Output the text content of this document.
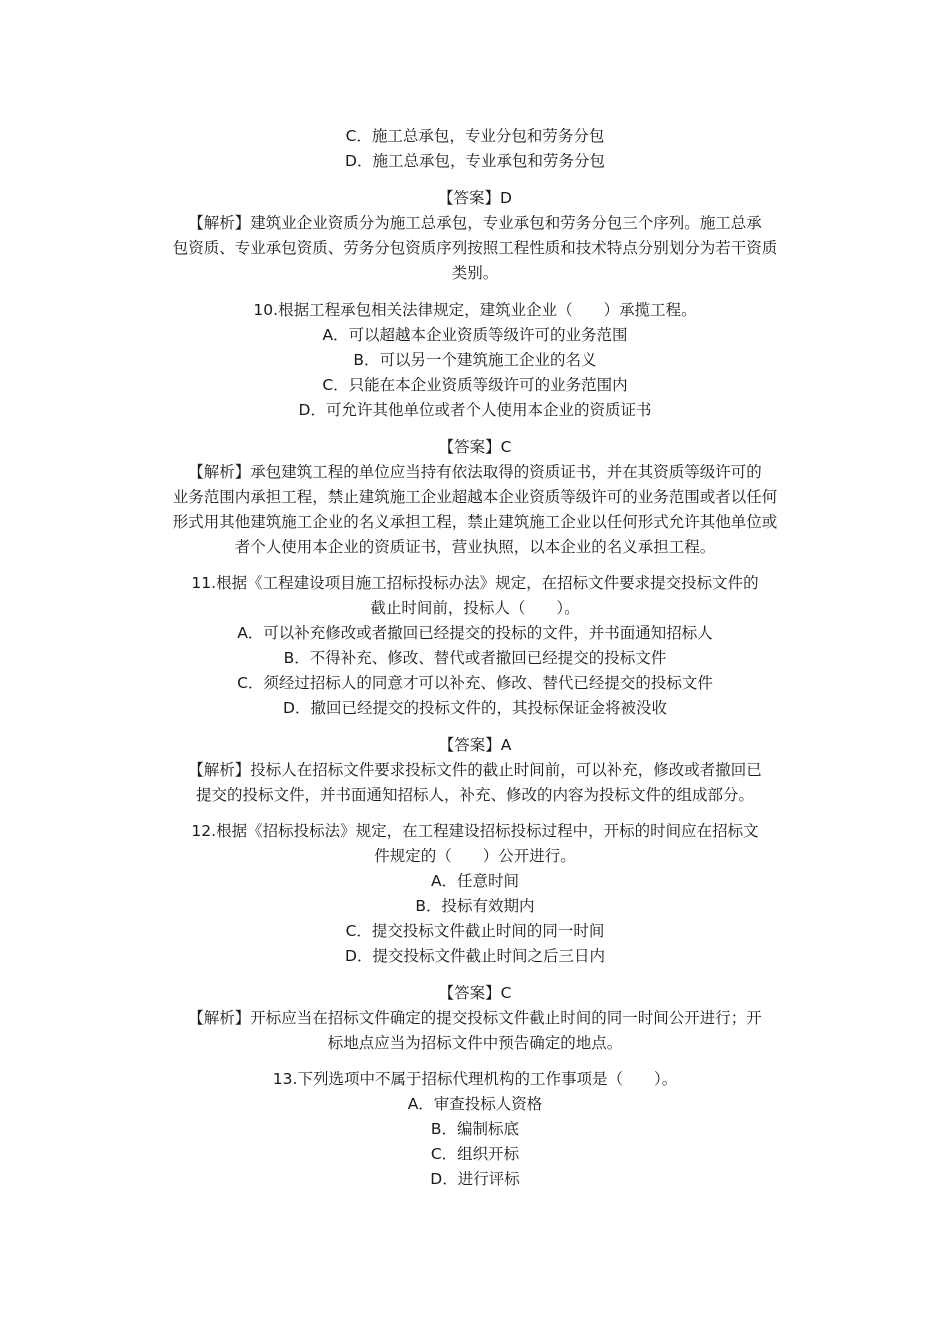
C．施工总承包，专业分包和劳务分包
D．施工总承包，专业承包和劳务分包
【答案】D
【解析】建筑业企业资质分为施工总承包，专业承包和劳务分包三个序列。施工总承
包资质、专业承包资质、劳务分包资质序列按照工程性质和技术特点分别划分为若干资质
类别。
10.根据工程承包相关法律规定，建筑业企业（　　）承揽工程。
A．可以超越本企业资质等级许可的业务范围
B．可以另一个建筑施工企业的名义
C．只能在本企业资质等级许可的业务范围内
D．可允许其他单位或者个人使用本企业的资质证书
【答案】C
【解析】承包建筑工程的单位应当持有依法取得的资质证书，并在其资质等级许可的
业务范围内承担工程，禁止建筑施工企业超越本企业资质等级许可的业务范围或者以任何
形式用其他建筑施工企业的名义承担工程，禁止建筑施工企业以任何形式允许其他单位或
者个人使用本企业的资质证书，营业执照，以本企业的名义承担工程。
11.根据《工程建设项目施工招标投标办法》规定，在招标文件要求提交投标文件的
截止时间前，投标人（　　）。
A．可以补充修改或者撤回已经提交的投标的文件，并书面通知招标人
B．不得补充、修改、替代或者撤回已经提交的投标文件
C．须经过招标人的同意才可以补充、修改、替代已经提交的投标文件
D．撤回已经提交的投标文件的，其投标保证金将被没收
【答案】A
【解析】投标人在招标文件要求投标文件的截止时间前，可以补充，修改或者撤回已
提交的投标文件，并书面通知招标人，补充、修改的内容为投标文件的组成部分。
12.根据《招标投标法》规定，在工程建设招标投标过程中，开标的时间应在招标文
件规定的（　　）公开进行。
A．任意时间
B．投标有效期内
C．提交投标文件截止时间的同一时间
D．提交投标文件截止时间之后三日内
【答案】C
【解析】开标应当在招标文件确定的提交投标文件截止时间的同一时间公开进行；开
标地点应当为招标文件中预告确定的地点。
13.下列选项中不属于招标代理机构的工作事项是（　　）。
A．审查投标人资格
B．编制标底
C．组织开标
D．进行评标
